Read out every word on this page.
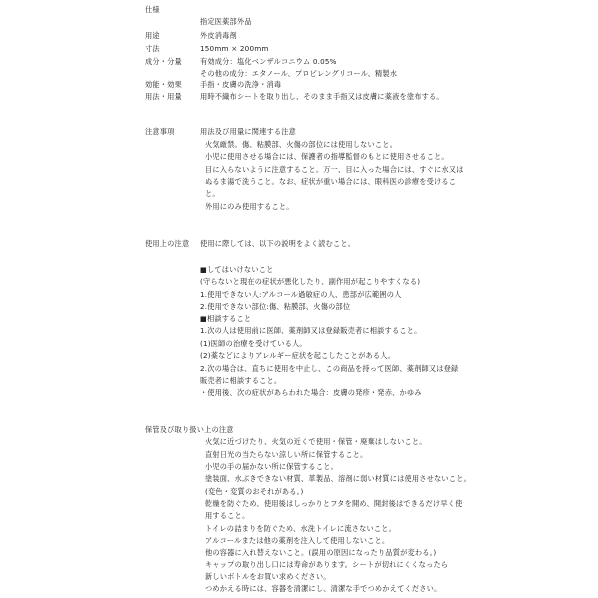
仕様
指定医薬部外品
用途	外皮消毒剤
寸法	150mm × 200mm
成分・分量	有効成分：塩化ベンザルコニウム 0.05%
その他の成分：エタノール、プロピレングリコール、精製水
効能・効果	手指・皮膚の洗浄・消毒
用法・用量	用時不織布シートを取り出し、そのまま手指又は皮膚に薬液を塗布する。
注意事項	用法及び用量に関連する注意
火気厳禁。傷、粘膜部、火傷の部位には使用しないこと。
小児に使用させる場合には、保護者の指導監督のもとに使用させること。
目に入らないように注意すること。万一、目に入った場合には、すぐに水又は
ぬるま湯で洗うこと。なお、症状が重い場合には、眼科医の診療を受けるこ
と。
外用にのみ使用すること。
使用上の注意 使用に際しては、以下の説明をよく読むこと。
■してはいけないこと
(守らないと現在の症状が悪化したり、副作用が起こりやすくなる)
1.使用できない人:アルコール過敏症の人、患部が広範囲の人
2.使用できない部位:傷、粘膜部、火傷の部位
■相談すること
1.次の人は使用前に医師、薬剤師又は登録販売者に相談すること。
(1)医師の治療を受けている人。
(2)薬などによりアレルギー症状を起こしたことがある人。
2.次の場合は、直ちに使用を中止し、この商品を持って医師、薬剤師又は登録
販売者に相談すること。
・使用後、次の症状があらわれた場合：皮膚の発疹・発赤、かゆみ
保管及び取り扱い上の注意
火気に近づけたり、火気の近くで使用・保管・廃棄はしないこと。
直射日光の当たらない涼しい所に保管すること。
小児の手の届かない所に保管すること。
塗装面、水ぶきできない材質、革製品、溶剤に弱い材質には使用させないこと。
(変色・変質のおそれがある。)
乾燥を防ぐため、使用後はしっかりとフタを開め、開封後はできるだけ早く使
用すること。
トイレの詰まりを防ぐため、水洗トイレに流さないこと。
アルコールまたは他の薬剤を注入して使用しないこと。
他の容器に入れ替えないこと。(誤用の原因になったり品質が変わる。)
キャップの取り出し口には寿命があります。シートが切れにくくなったら
新しいボトルをお買い求めください。
つめかえる時には、容器を清潔にし、清潔な手でつめかえてください。
